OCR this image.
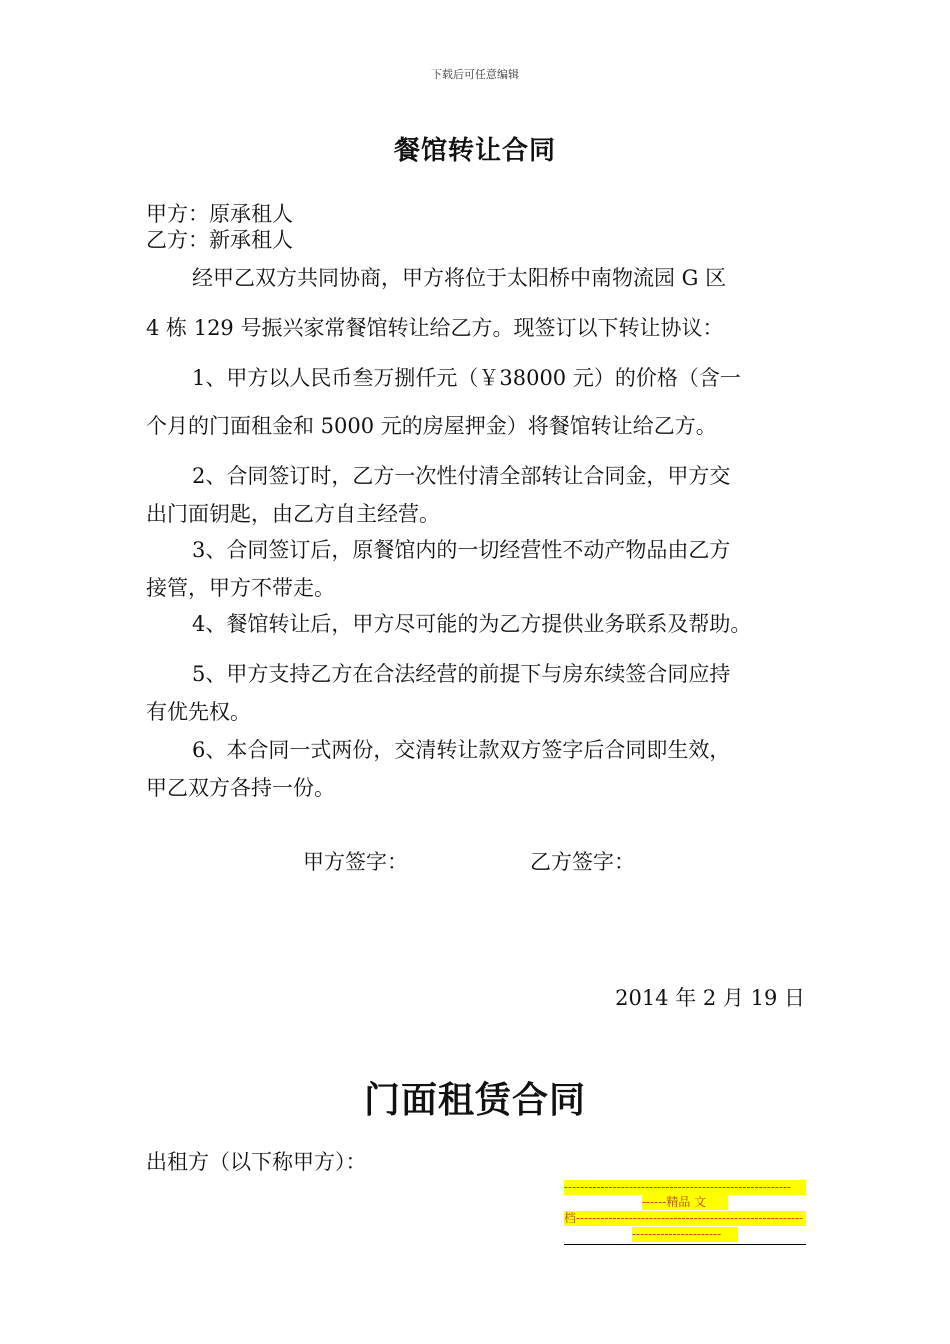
下载后可任意编辑
餐馆转让合同
甲方：原承租人
乙方：新承租人
经甲乙双方共同协商，甲方将位于太阳桥中南物流园 G 区
4 栋 129 号振兴家常餐馆转让给乙方。现签订以下转让协议：
1、甲方以人民币叁万捌仟元（￥38000 元）的价格（含一
个月的门面租金和 5000 元的房屋押金）将餐馆转让给乙方。
2、合同签订时，乙方一次性付清全部转让合同金，甲方交
出门面钥匙，由乙方自主经营。
3、合同签订后，原餐馆内的一切经营性不动产物品由乙方
接管，甲方不带走。
4、餐馆转让后，甲方尽可能的为乙方提供业务联系及帮助。
5、甲方支持乙方在合法经营的前提下与房东续签合同应持
有优先权。
6、本合同一式两份，交清转让款双方签字后合同即生效，
甲乙双方各持一份。
甲方签字：	乙方签字：
2014 年 2 月 19 日
门面租赁合同
出租方（以下称甲方）：
--------------------------------------------------------
------精品 文
档--------------------------------------------------------
----------------------
